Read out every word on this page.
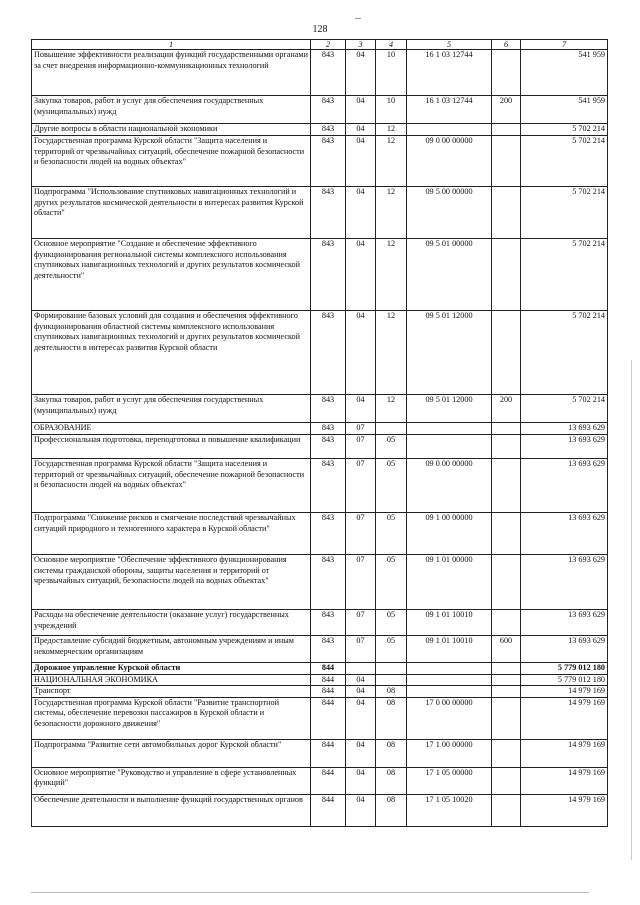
128
1	2	3	4	5	6	7
Повышение эффективности реализации функций государственными органами за счет внедрения информационно-коммуникационных технологий	843	04	10	16 1 03 12744		541 959
Закупка товаров, работ и услуг для обеспечения государственных (муниципальных) нужд	843	04	10	16 1 03 12744	200	541 959
Другие вопросы в области национальной экономики	843	04	12			5 702 214
Государственная программа Курской области "Защита населения и территорий от чрезвычайных ситуаций, обеспечение пожарной безопасности и безопасности людей на водных объектах"	843	04	12	09 0 00 00000		5 702 214
Подпрограмма "Использование спутниковых навигационных технологий и других результатов космической деятельности в интересах развития Курской области"	843	04	12	09 5 00 00000		5 702 214
Основное мероприятие "Создание и обеспечение эффективного функционирования региональной системы комплексного использования спутниковых навигационных технологий и других результатов космической деятельности"	843	04	12	09 5 01 00000		5 702 214
Формирование базовых условий для создания и обеспечения эффективного функционирования областной системы комплексного использования спутниковых навигационных технологий и других результатов космической деятельности в интересах развития Курской области	843	04	12	09 5 01 12000		5 702 214
Закупка товаров, работ и услуг для обеспечения государственных (муниципальных) нужд	843	04	12	09 5 01 12000	200	5 702 214
ОБРАЗОВАНИЕ	843	07				13 693 629
Профессиональная подготовка, переподготовка и повышение квалификации	843	07	05			13 693 629
Государственная программа Курской области "Защита населения и территорий от чрезвычайных ситуаций, обеспечение пожарной безопасности и безопасности людей на водных объектах"	843	07	05	09 0 00 00000		13 693 629
Подпрограмма "Снижение рисков и смягчение последствий чрезвычайных ситуаций природного и техногенного характера в Курской области"	843	07	05	09 1 00 00000		13 693 629
Основное мероприятие "Обеспечение эффективного функционирования системы гражданской обороны, защиты населения и территорий от чрезвычайных ситуаций, безопасности людей на водных объектах"	843	07	05	09 1 01 00000		13 693 629
Расходы на обеспечение деятельности (оказание услуг) государственных учреждений	843	07	05	09 1 01 10010		13 693 629
Предоставление субсидий бюджетным, автономным учреждениям и иным некоммерческим организациям	843	07	05	09 1 01 10010	600	13 693 629
Дорожное управление Курской области	844					5 779 012 180
НАЦИОНАЛЬНАЯ ЭКОНОМИКА	844	04				5 779 012 180
Транспорт	844	04	08			14 979 169
Государственная программа Курской области "Развитие транспортной системы, обеспечение перевозки пассажиров в Курской области и безопасности дорожного движения"	844	04	08	17 0 00 00000		14 979 169
Подпрограмма "Развитие сети автомобильных дорог Курской области"	844	04	08	17 1 00 00000		14 979 169
Основное мероприятие "Руководство и управление в сфере установленных функций"	844	04	08	17 1 05 00000		14 979 169
Обеспечение деятельности и выполнение функций государственных органов	844	04	08	17 1 05 10020		14 979 169
